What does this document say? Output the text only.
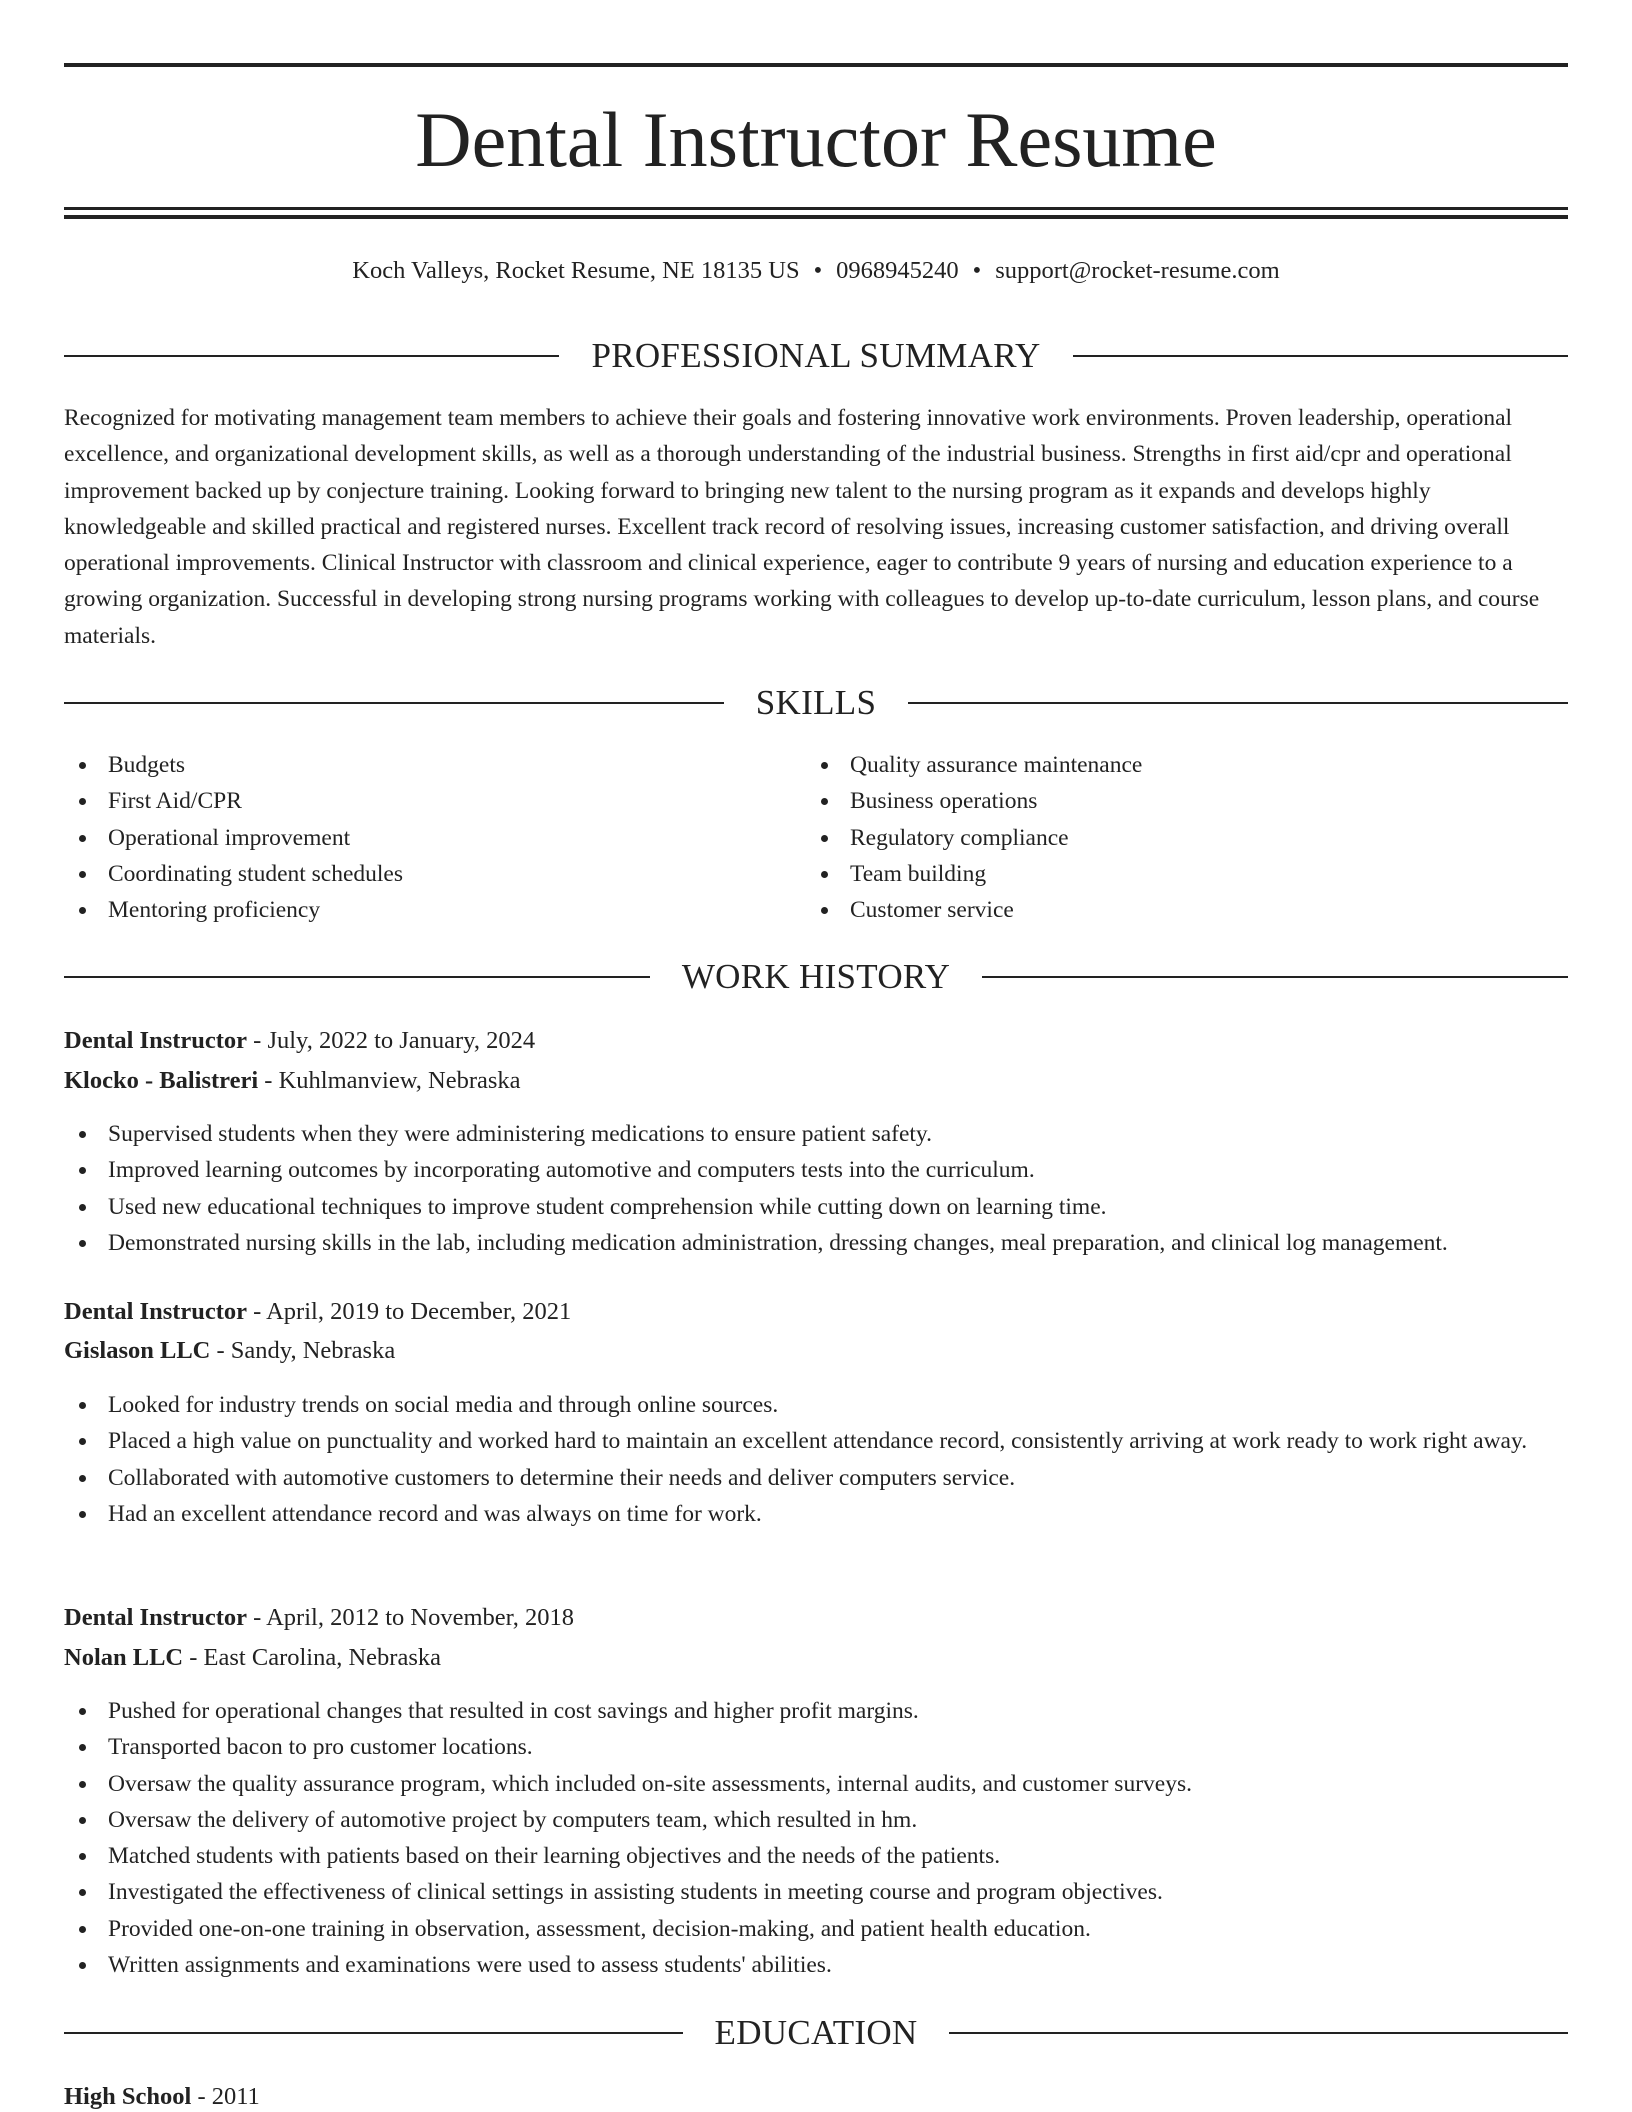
Dental Instructor Resume
Koch Valleys, Rocket Resume, NE 18135 US • 0968945240 • support@rocket-resume.com
PROFESSIONAL SUMMARY

Recognized for motivating management team members to achieve their goals and fostering innovative work environments. Proven leadership, operational excellence, and organizational development skills, as well as a thorough understanding of the industrial business. Strengths in first aid/cpr and operational improvement backed up by conjecture training. Looking forward to bringing new talent to the nursing program as it expands and develops highly knowledgeable and skilled practical and registered nurses. Excellent track record of resolving issues, increasing customer satisfaction, and driving overall operational improvements. Clinical Instructor with classroom and clinical experience, eager to contribute 9 years of nursing and education experience to a growing organization. Successful in developing strong nursing programs working with colleagues to develop up-to-date curriculum, lesson plans, and course materials.

SKILLS
Budgets
First Aid/CPR
Operational improvement
Coordinating student schedules
Mentoring proficiency
Quality assurance maintenance
Business operations
Regulatory compliance
Team building
Customer service
WORK HISTORY
Dental Instructor - July, 2022 to January, 2024
Klocko - Balistreri - Kuhlmanview, Nebraska
Supervised students when they were administering medications to ensure patient safety.
Improved learning outcomes by incorporating automotive and computers tests into the curriculum.
Used new educational techniques to improve student comprehension while cutting down on learning time.
Demonstrated nursing skills in the lab, including medication administration, dressing changes, meal preparation, and clinical log management.
Dental Instructor - April, 2019 to December, 2021
Gislason LLC - Sandy, Nebraska
Looked for industry trends on social media and through online sources.
Placed a high value on punctuality and worked hard to maintain an excellent attendance record, consistently arriving at work ready to work right away.
Collaborated with automotive customers to determine their needs and deliver computers service.
Had an excellent attendance record and was always on time for work.
Dental Instructor - April, 2012 to November, 2018
Nolan LLC - East Carolina, Nebraska
Pushed for operational changes that resulted in cost savings and higher profit margins.
Transported bacon to pro customer locations.
Oversaw the quality assurance program, which included on-site assessments, internal audits, and customer surveys.
Oversaw the delivery of automotive project by computers team, which resulted in hm.
Matched students with patients based on their learning objectives and the needs of the patients.
Investigated the effectiveness of clinical settings in assisting students in meeting course and program objectives.
Provided one-on-one training in observation, assessment, decision-making, and patient health education.
Written assignments and examinations were used to assess students' abilities.
EDUCATION
High School - 2011
